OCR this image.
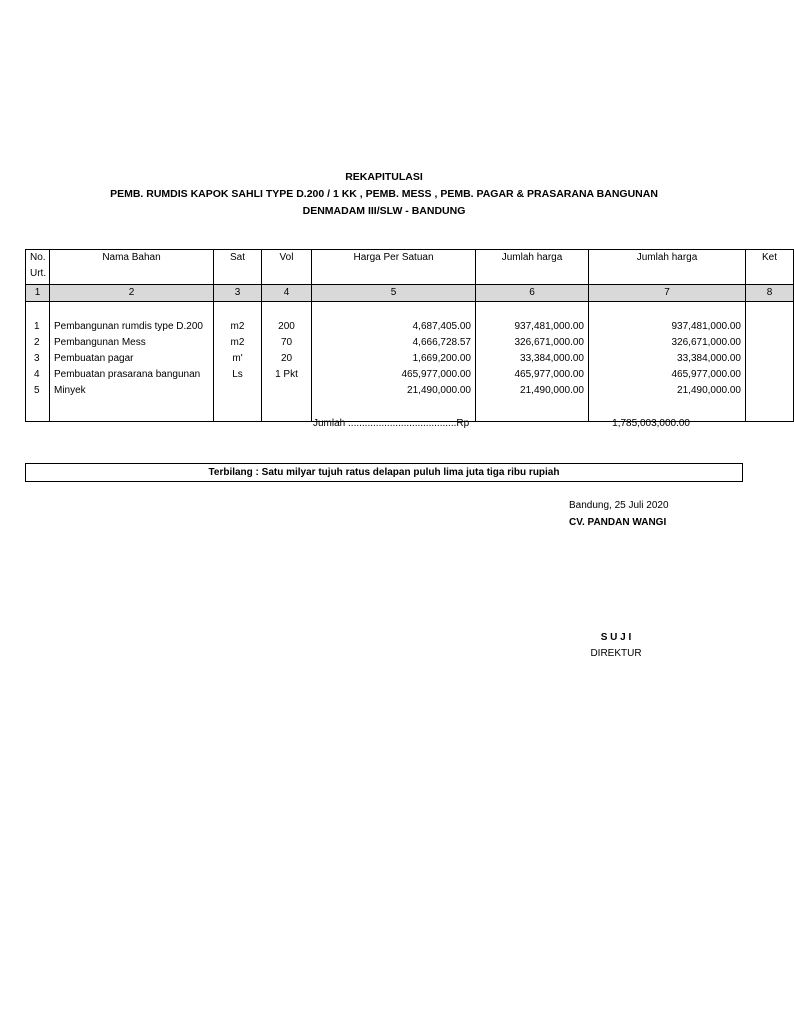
REKAPITULASI
PEMB. RUMDIS KAPOK SAHLI TYPE D.200 / 1 KK , PEMB. MESS , PEMB. PAGAR & PRASARANA BANGUNAN
DENMADAM III/SLW - BANDUNG
No.
Urt.	Nama Bahan	Sat	Vol	Harga Per Satuan	Jumlah harga	Jumlah harga	Ket
1	2	3	4	5	6	7	8

1	Pembangunan rumdis type D.200	m2	200	4,687,405.00	937,481,000.00	937,481,000.00	
2	Pembangunan Mess	m2	70	4,666,728.57	326,671,000.00	326,671,000.00	
3	Pembuatan pagar	m'	20	1,669,200.00	33,384,000.00	33,384,000.00	
4	Pembuatan prasarana bangunan	Ls	1 Pkt	465,977,000.00	465,977,000.00	465,977,000.00	
5	Minyek			21,490,000.00	21,490,000.00	21,490,000.00	

Jumlah .......................................Rp	1,785,003,000.00
Terbilang : Satu milyar tujuh ratus delapan puluh lima juta tiga ribu rupiah
Bandung, 25 Juli 2020
CV. PANDAN WANGI
S U J I
DIREKTUR
